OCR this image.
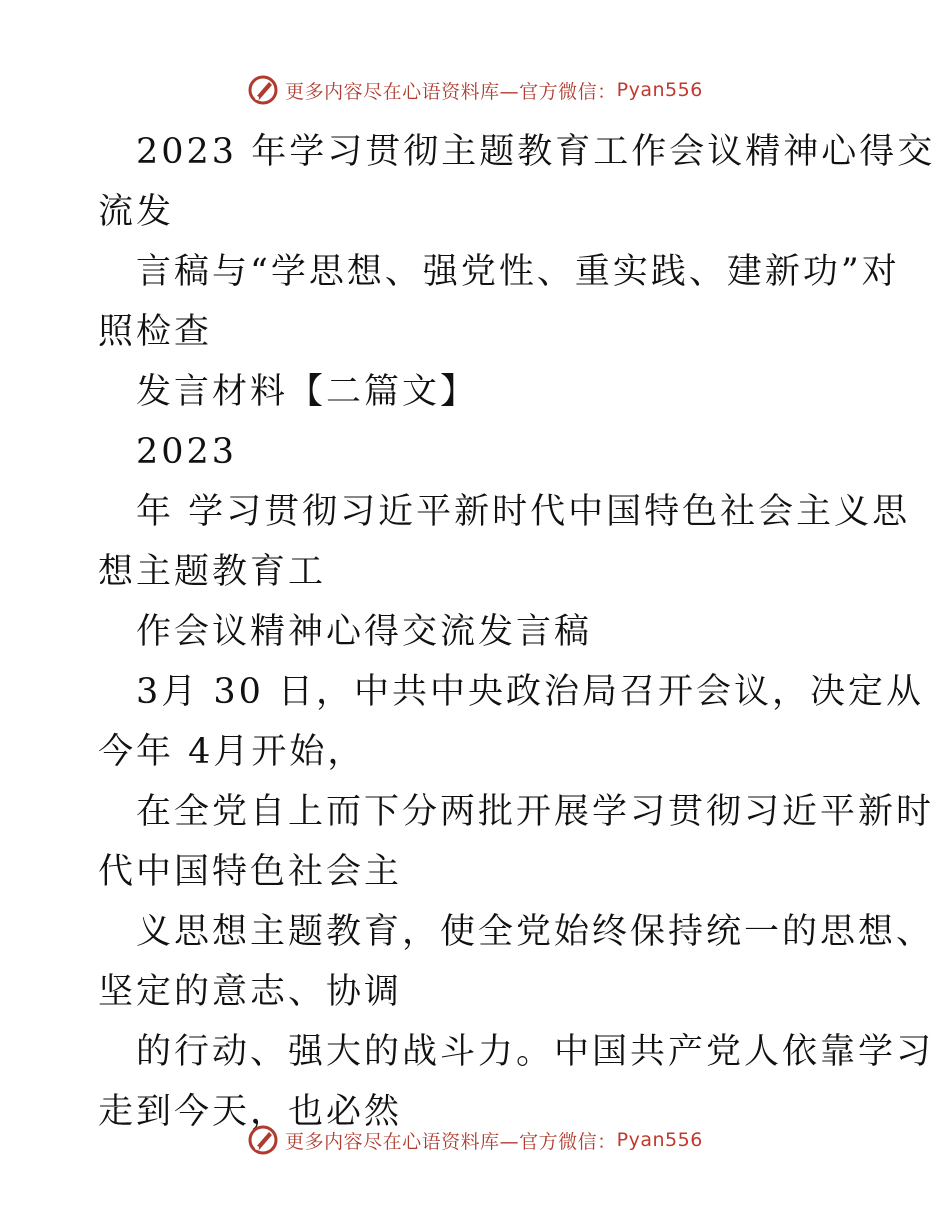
更多内容尽在心语资料库—官方微信： Pyan556
2023 年学习贯彻主题教育工作会议精神心得交
流发
言稿与“学思想、强党性、重实践、建新功”对
照检查
发言材料【二篇文】
2023
年 学习贯彻习近平新时代中国特色社会主义思
想主题教育工
作会议精神心得交流发言稿
3月 30 日，中共中央政治局召开会议，决定从
今年 4月开始，
在全党自上而下分两批开展学习贯彻习近平新时
代中国特色社会主
义思想主题教育，使全党始终保持统一的思想、
坚定的意志、协调
的行动、强大的战斗力。中国共产党人依靠学习
走到今天，也必然
更多内容尽在心语资料库—官方微信： Pyan556
